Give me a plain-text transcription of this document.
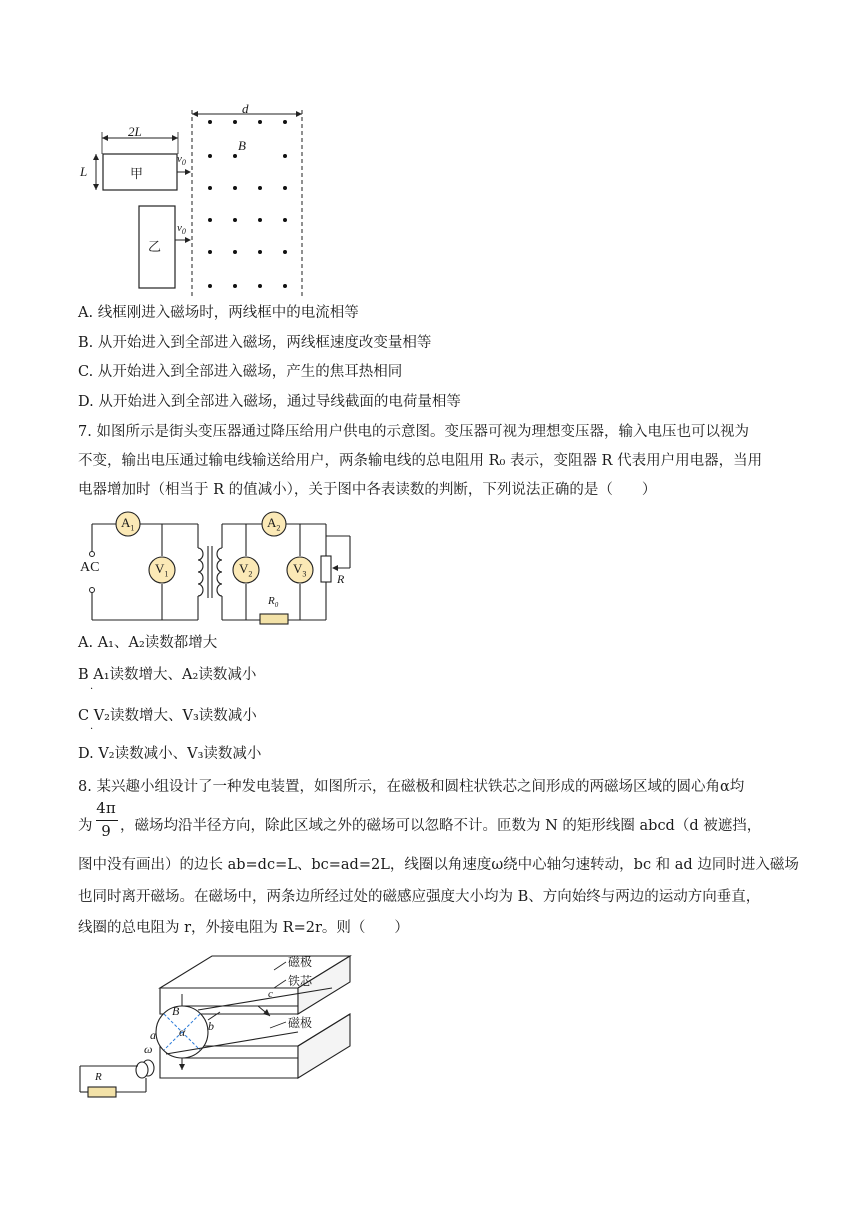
d
2L
L
B
$v_0$
$v_0$
甲
乙
A. 线框刚进入磁场时，两线框中的电流相等
B. 从开始进入到全部进入磁场，两线框速度改变量相等
C. 从开始进入到全部进入磁场，产生的焦耳热相同
D. 从开始进入到全部进入磁场，通过导线截面的电荷量相等
7. 如图所示是街头变压器通过降压给用户供电的示意图。变压器可视为理想变压器，输入电压也可以视为
不变，输出电压通过输电线输送给用户，两条输电线的总电阻用 R₀ 表示，变阻器 R 代表用户用电器，当用
电器增加时（相当于 R 的值减小），关于图中各表读数的判断，下列说法正确的是（　　）
AC
$A_1$
$V_1$
$A_2$
$V_2$	$V_3$
$R_0$
R
A. A₁、A₂读数都增大
B A₁读数增大、A₂读数减小
·
C V₂读数增大、V₃读数减小
·
D. V₂读数减小、V₃读数减小
8. 某兴趣小组设计了一种发电装置，如图所示，在磁极和圆柱状铁芯之间形成的两磁场区域的圆心角α均
为
4π
9 ，磁场均沿半径方向，除此区域之外的磁场可以忽略不计。匝数为 N 的矩形线圈 abcd（d 被遮挡，
图中没有画出）的边长 ab=dc=L、bc=ad=2L，线圈以角速度ω绕中心轴匀速转动，bc 和 ad 边同时进入磁场
也同时离开磁场。在磁场中，两条边所经过处的磁感应强度大小均为 B、方向始终与两边的运动方向垂直，
线圈的总电阻为 r，外接电阻为 R=2r。则（　　）
磁极
铁芯
磁极
B
α b
a
c
ω
R
